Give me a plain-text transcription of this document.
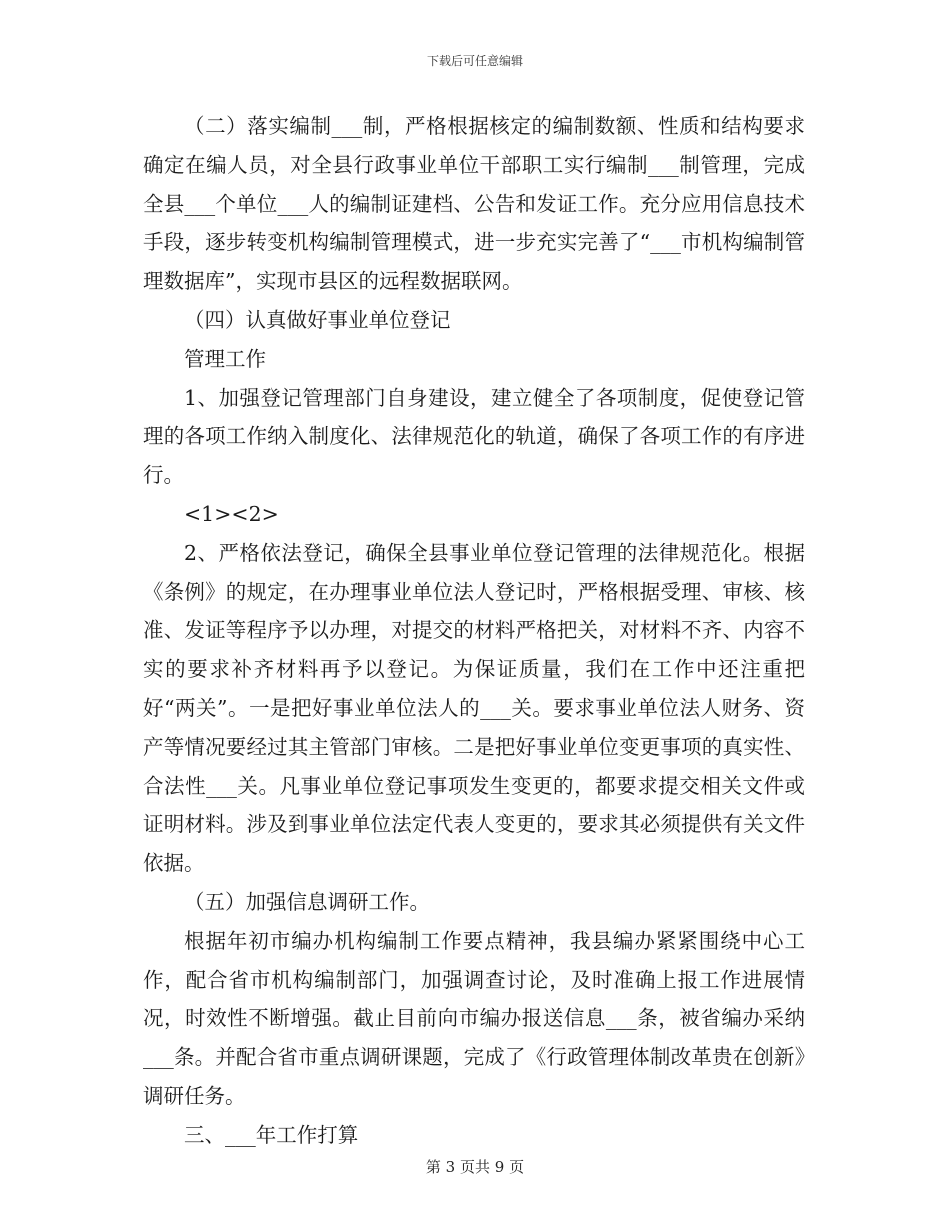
下载后可任意编辑

（二）落实编制___制，严格根据核定的编制数额、性质和结构要求确定在编人员，对全县行政事业单位干部职工实行编制___制管理，完成全县___个单位___人的编制证建档、公告和发证工作。充分应用信息技术手段，逐步转变机构编制管理模式，进一步充实完善了“___市机构编制管理数据库”，实现市县区的远程数据联网。

（四）认真做好事业单位登记

管理工作

1、加强登记管理部门自身建设，建立健全了各项制度，促使登记管理的各项工作纳入制度化、法律规范化的轨道，确保了各项工作的有序进行。

<1><2>

2、严格依法登记，确保全县事业单位登记管理的法律规范化。根据《条例》的规定，在办理事业单位法人登记时，严格根据受理、审核、核准、发证等程序予以办理，对提交的材料严格把关，对材料不齐、内容不实的要求补齐材料再予以登记。为保证质量，我们在工作中还注重把好“两关”。一是把好事业单位法人的___关。要求事业单位法人财务、资产等情况要经过其主管部门审核。二是把好事业单位变更事项的真实性、合法性___关。凡事业单位登记事项发生变更的，都要求提交相关文件或证明材料。涉及到事业单位法定代表人变更的，要求其必须提供有关文件依据。

（五）加强信息调研工作。

根据年初市编办机构编制工作要点精神，我县编办紧紧围绕中心工作，配合省市机构编制部门，加强调查讨论，及时准确上报工作进展情况，时效性不断增强。截止目前向市编办报送信息___条，被省编办采纳___条。并配合省市重点调研课题，完成了《行政管理体制改革贵在创新》调研任务。

三、___年工作打算

第 3 页共 9 页
